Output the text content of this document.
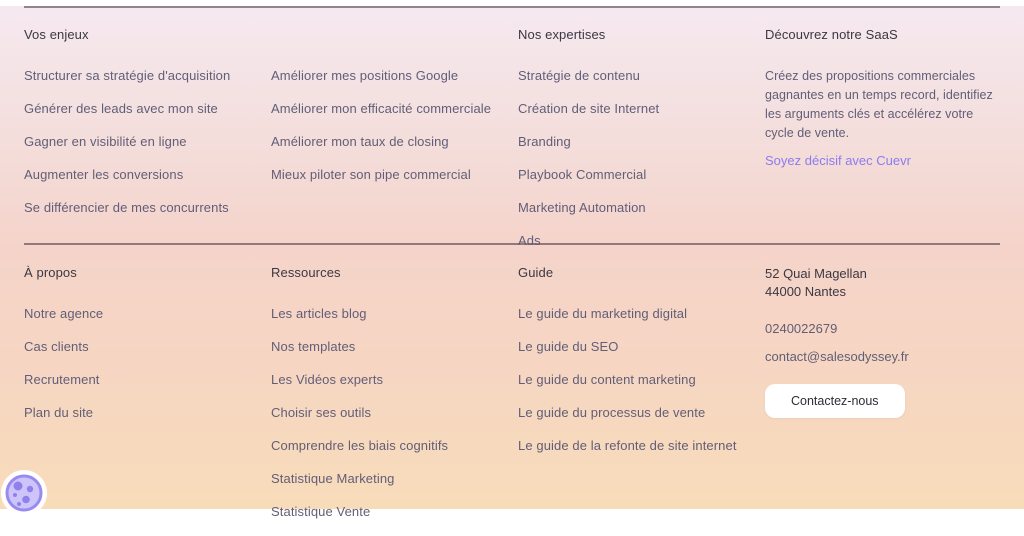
Vos enjeux
Structurer sa stratégie d'acquisition
Générer des leads avec mon site
Gagner en visibilité en ligne
Augmenter les conversions
Se différencier de mes concurrents
Améliorer mes positions Google
Améliorer mon efficacité commerciale
Améliorer mon taux de closing
Mieux piloter son pipe commercial
Nos expertises
Stratégie de contenu
Création de site Internet
Branding
Playbook Commercial
Marketing Automation
Ads
Découvrez notre SaaS

Créez des propositions commerciales gagnantes en un temps record, identifiez les arguments clés et accélérez votre cycle de vente.

Soyez décisif avec Cuevr
À propos
Notre agence
Cas clients
Recrutement
Plan du site
Ressources
Les articles blog
Nos templates
Les Vidéos experts
Choisir ses outils
Comprendre les biais cognitifs
Statistique Marketing
Statistique Vente
Guide
Le guide du marketing digital
Le guide du SEO
Le guide du content marketing
Le guide du processus de vente
Le guide de la refonte de site internet
52 Quai Magellan
44000 Nantes
0240022679
contact@salesodyssey.fr
Contactez-nous
